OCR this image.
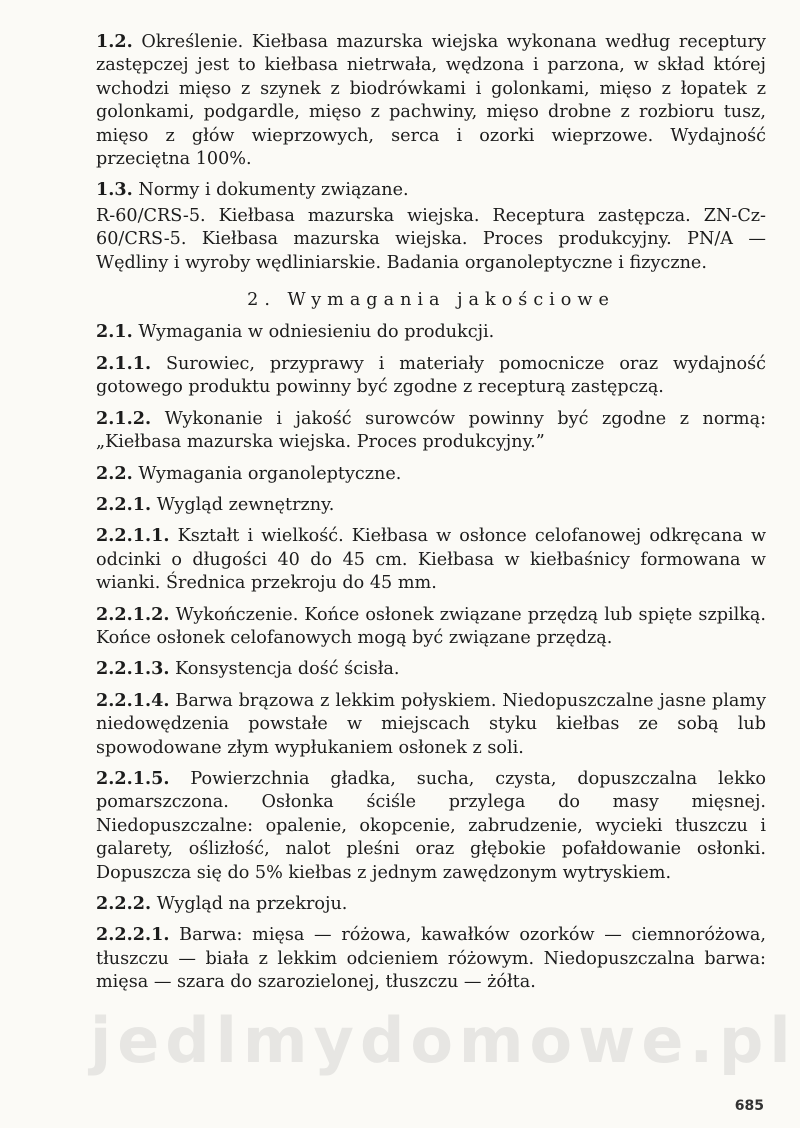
1.2. Określenie. Kiełbasa mazurska wiejska wykonana według receptury zastępczej jest to kiełbasa nietrwała, wędzona i parzona, w skład której wchodzi mięso z szynek z biodrówkami i golonkami, mięso z łopatek z golonkami, podgardle, mięso z pachwiny, mięso drobne z rozbioru tusz, mięso z głów wieprzowych, serca i ozorki wieprzowe. Wydajność przeciętna 100%.

1.3. Normy i dokumenty związane.

R-60/CRS-5. Kiełbasa mazurska wiejska. Receptura zastępcza. ZN-Cz-60/CRS-5. Kiełbasa mazurska wiejska. Proces produkcyjny. PN/A — Wędliny i wyroby wędliniarskie. Badania organoleptyczne i fizyczne.

2. Wymagania jakościowe

2.1. Wymagania w odniesieniu do produkcji.

2.1.1. Surowiec, przyprawy i materiały pomocnicze oraz wydajność gotowego produktu powinny być zgodne z recepturą zastępczą.

2.1.2. Wykonanie i jakość surowców powinny być zgodne z normą: „Kiełbasa mazurska wiejska. Proces produkcyjny.”

2.2. Wymagania organoleptyczne.

2.2.1. Wygląd zewnętrzny.

2.2.1.1. Kształt i wielkość. Kiełbasa w osłonce celofanowej odkręcana w odcinki o długości 40 do 45 cm. Kiełbasa w kiełbaśnicy formowana w wianki. Średnica przekroju do 45 mm.

2.2.1.2. Wykończenie. Końce osłonek związane przędzą lub spięte szpilką. Końce osłonek celofanowych mogą być związane przędzą.

2.2.1.3. Konsystencja dość ścisła.

2.2.1.4. Barwa brązowa z lekkim połyskiem. Niedopuszczalne jasne plamy niedowędzenia powstałe w miejscach styku kiełbas ze sobą lub spowodowane złym wypłukaniem osłonek z soli.

2.2.1.5. Powierzchnia gładka, sucha, czysta, dopuszczalna lekko pomarszczona. Osłonka ściśle przylega do masy mięsnej. Niedopuszczalne: opalenie, okopcenie, zabrudzenie, wycieki tłuszczu i galarety, oślizłość, nalot pleśni oraz głębokie pofałdowanie osłonki. Dopuszcza się do 5% kiełbas z jednym zawędzonym wytryskiem.

2.2.2. Wygląd na przekroju.

2.2.2.1. Barwa: mięsa — różowa, kawałków ozorków — ciemnoróżowa, tłuszczu — biała z lekkim odcieniem różowym. Niedopuszczalna barwa: mięsa — szara do szarozielonej, tłuszczu — żółta.

jedlmydomowe.pl
685
